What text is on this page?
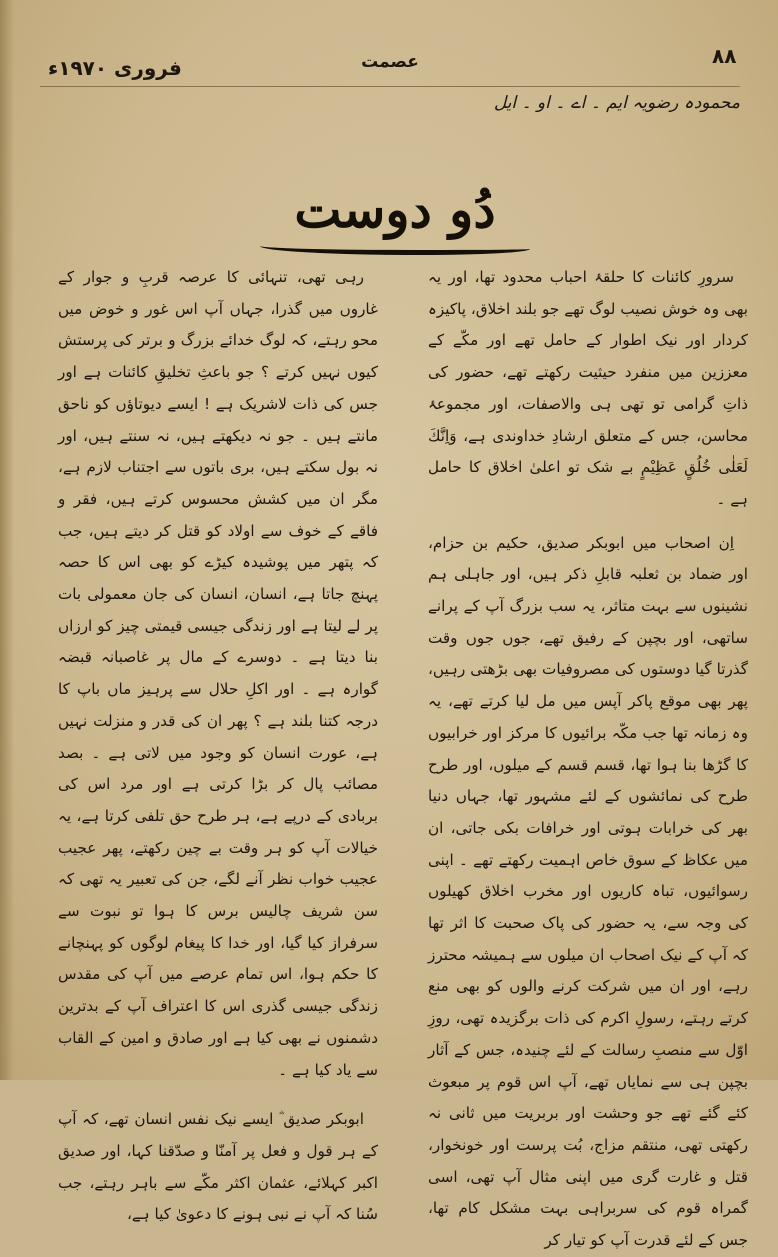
۸۸
عصمت
فروری ۱۹۷۰ء
محمودہ رضویہ ایم ۔ اے ۔ او ۔ ایل
دُو دوست

سرورِ کائنات کا حلقۂ احباب محدود تھا، اور یہ بھی وہ خوش نصیب لوگ تھے جو بلند اخلاق، پاکیزہ کردار اور نیک اطوار کے حامل تھے اور مکّے کے معززین میں منفرد حیثیت رکھتے تھے، حضور کی ذاتِ گرامی تو تھی ہی والاصفات، اور مجموعۂ محاسن، جس کے متعلق ارشادِ خداوندی ہے، وَاِنَّكَ لَعَلٰی خُلُقٍ عَظِیْمٍ بے شک تو اعلیٰ اخلاق کا حامل ہے ۔

اِن اصحاب میں ابوبکر صدیق، حکیم بن حزام، اور ضماد بن ثعلبہ قابلِ ذکر ہیں، اور جاہلی ہم نشینوں سے بہت متاثر، یہ سب بزرگ آپ کے پرانے ساتھی، اور بچپن کے رفیق تھے، جوں جوں وقت گذرتا گیا دوستوں کی مصروفیات بھی بڑھتی رہیں، پھر بھی موقع پاکر آپس میں مل لیا کرتے تھے، یہ وہ زمانہ تھا جب مکّہ برائیوں کا مرکز اور خرابیوں کا گڑھا بنا ہوا تھا، قسم قسم کے میلوں، اور طرح طرح کی نمائشوں کے لئے مشہور تھا، جہاں دنیا بھر کی خرابات ہوتی اور خرافات بکی جاتی، ان میں عکاظ کے سوق خاص اہمیت رکھتے تھے ۔ اپنی رسوائیوں، تباہ کاریوں اور مخرب اخلاق کھیلوں کی وجہ سے، یہ حضور کی پاک صحبت کا اثر تھا کہ آپ کے نیک اصحاب ان میلوں سے ہمیشہ محترز رہے، اور ان میں شرکت کرنے والوں کو بھی منع کرتے رہتے، رسولِ اکرم کی ذات برگزیدہ تھی، روزِ اوّل سے منصبِ رسالت کے لئے چنیدہ، جس کے آثار بچپن ہی سے نمایاں تھے، آپ اس قوم پر مبعوث کئے گئے تھے جو وحشت اور بربریت میں ثانی نہ رکھتی تھی، منتقم مزاج، بُت پرست اور خونخوار، قتل و غارت گری میں اپنی مثال آپ تھی، اسی گمراہ قوم کی سربراہی بہت مشکل کام تھا، جس کے لئے قدرت آپ کو تیار کر

رہی تھی، تنہائی کا عرصہ قربِ و جوار کے غاروں میں گذرا، جہاں آپ اس غور و خوض میں محو رہتے، کہ لوگ خدائے بزرگ و برتر کی پرستش کیوں نہیں کرتے ؟ جو باعثِ تخلیقِ کائنات ہے اور جس کی ذات لاشریک ہے ! ایسے دیوتاؤں کو ناحق مانتے ہیں ۔ جو نہ دیکھتے ہیں، نہ سنتے ہیں، اور نہ بول سکتے ہیں، بری باتوں سے اجتناب لازم ہے، مگر ان میں کشش محسوس کرتے ہیں، فقر و فاقے کے خوف سے اولاد کو قتل کر دیتے ہیں، جب کہ پتھر میں پوشیدہ کیڑے کو بھی اس کا حصہ پہنچ جاتا ہے، انسان، انسان کی جان معمولی بات پر لے لیتا ہے اور زندگی جیسی قیمتی چیز کو ارزاں بنا دیتا ہے ۔ دوسرے کے مال پر غاصبانہ قبضہ گوارہ ہے ۔ اور اکلِ حلال سے پرہیز ماں باپ کا درجہ کتنا بلند ہے ؟ پھر ان کی قدر و منزلت نہیں ہے، عورت انسان کو وجود میں لاتی ہے ۔ بصد مصائب پال کر بڑا کرتی ہے اور مرد اس کی بربادی کے درپے ہے، ہر طرح حق تلفی کرتا ہے، یہ خیالات آپ کو ہر وقت بے چین رکھتے، پھر عجیب عجیب خواب نظر آنے لگے، جن کی تعبیر یہ تھی کہ سن شریف چالیس برس کا ہوا تو نبوت سے سرفراز کیا گیا، اور خدا کا پیغام لوگوں کو پہنچانے کا حکم ہوا، اس تمام عرصے میں آپ کی مقدس زندگی جیسی گذری اس کا اعتراف آپ کے بدترین دشمنوں نے بھی کیا ہے اور صادق و امین کے القاب سے یاد کیا ہے ۔

ابوبکر صدیق ؓ ایسے نیک نفس انسان تھے، کہ آپ کے ہر قول و فعل پر آمنّا و صدّقنا کہا، اور صدیق اکبر کہلائے، عثمان اکثر مکّے سے باہر رہتے، جب سُنا کہ آپ نے نبی ہونے کا دعویٰ کیا ہے،
